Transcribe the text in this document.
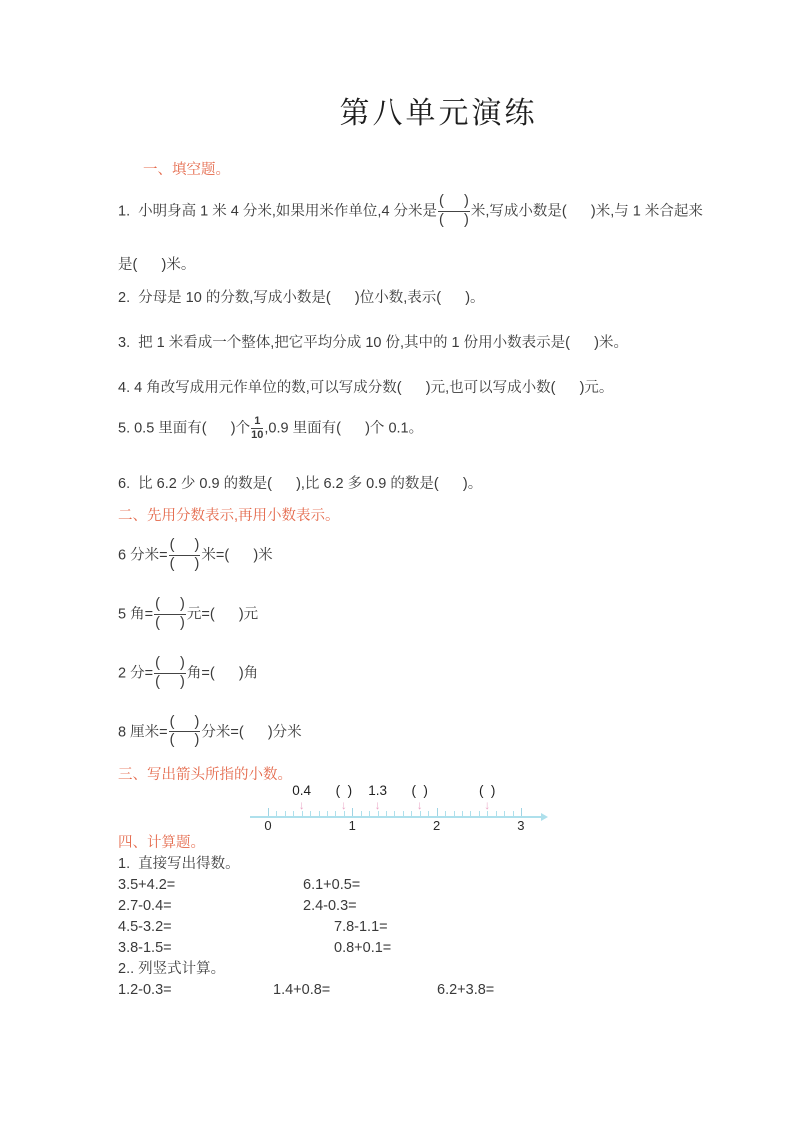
第八单元演练
一、填空题。
1.  小明身高 1 米 4 分米,如果用米作单位,4 分米是 $\frac{( )}{( )}$ 米,写成小数是(      )米,与 1 米合起来
是(      )米。
2.  分母是 10 的分数,写成小数是(      )位小数,表示(      )。
3.  把 1 米看成一个整体,把它平均分成 10 份,其中的 1 份用小数表示是(      )米。
4. 4 角改写成用元作单位的数,可以写成分数(      )元,也可以写成小数(      )元。
5. 0.5 里面有(      )个 $\frac{1}{10} ,0.9$ 里面有(      )个 0.1。
6.  比 6.2 少 0.9 的数是(      ),比 6.2 多 0.9 的数是(      )。
二、先用分数表示,再用小数表示。
6 分米= $\frac{( )}{( )}$ 米=(      )米
5 角= $\frac{( )}{( )}$ 元=(      )元
2 分= $\frac{( )}{( )}$ 角=(      )角
8 厘米= $\frac{( )}{( )}$ 分米=(      )分米
三、写出箭头所指的小数。
0	1	2	3
↓
0.4
↓
(  )
↓
1.3
↓
(  )
↓
(  )
四、计算题。
1.  直接写出得数。
3.5+4.2=	6.1+0.5=
2.7-0.4=	2.4-0.3=
4.5-3.2=	7.8-1.1=
3.8-1.5=	0.8+0.1=
2.. 列竖式计算。
1.2-0.3=	1.4+0.8=	6.2+3.8=
